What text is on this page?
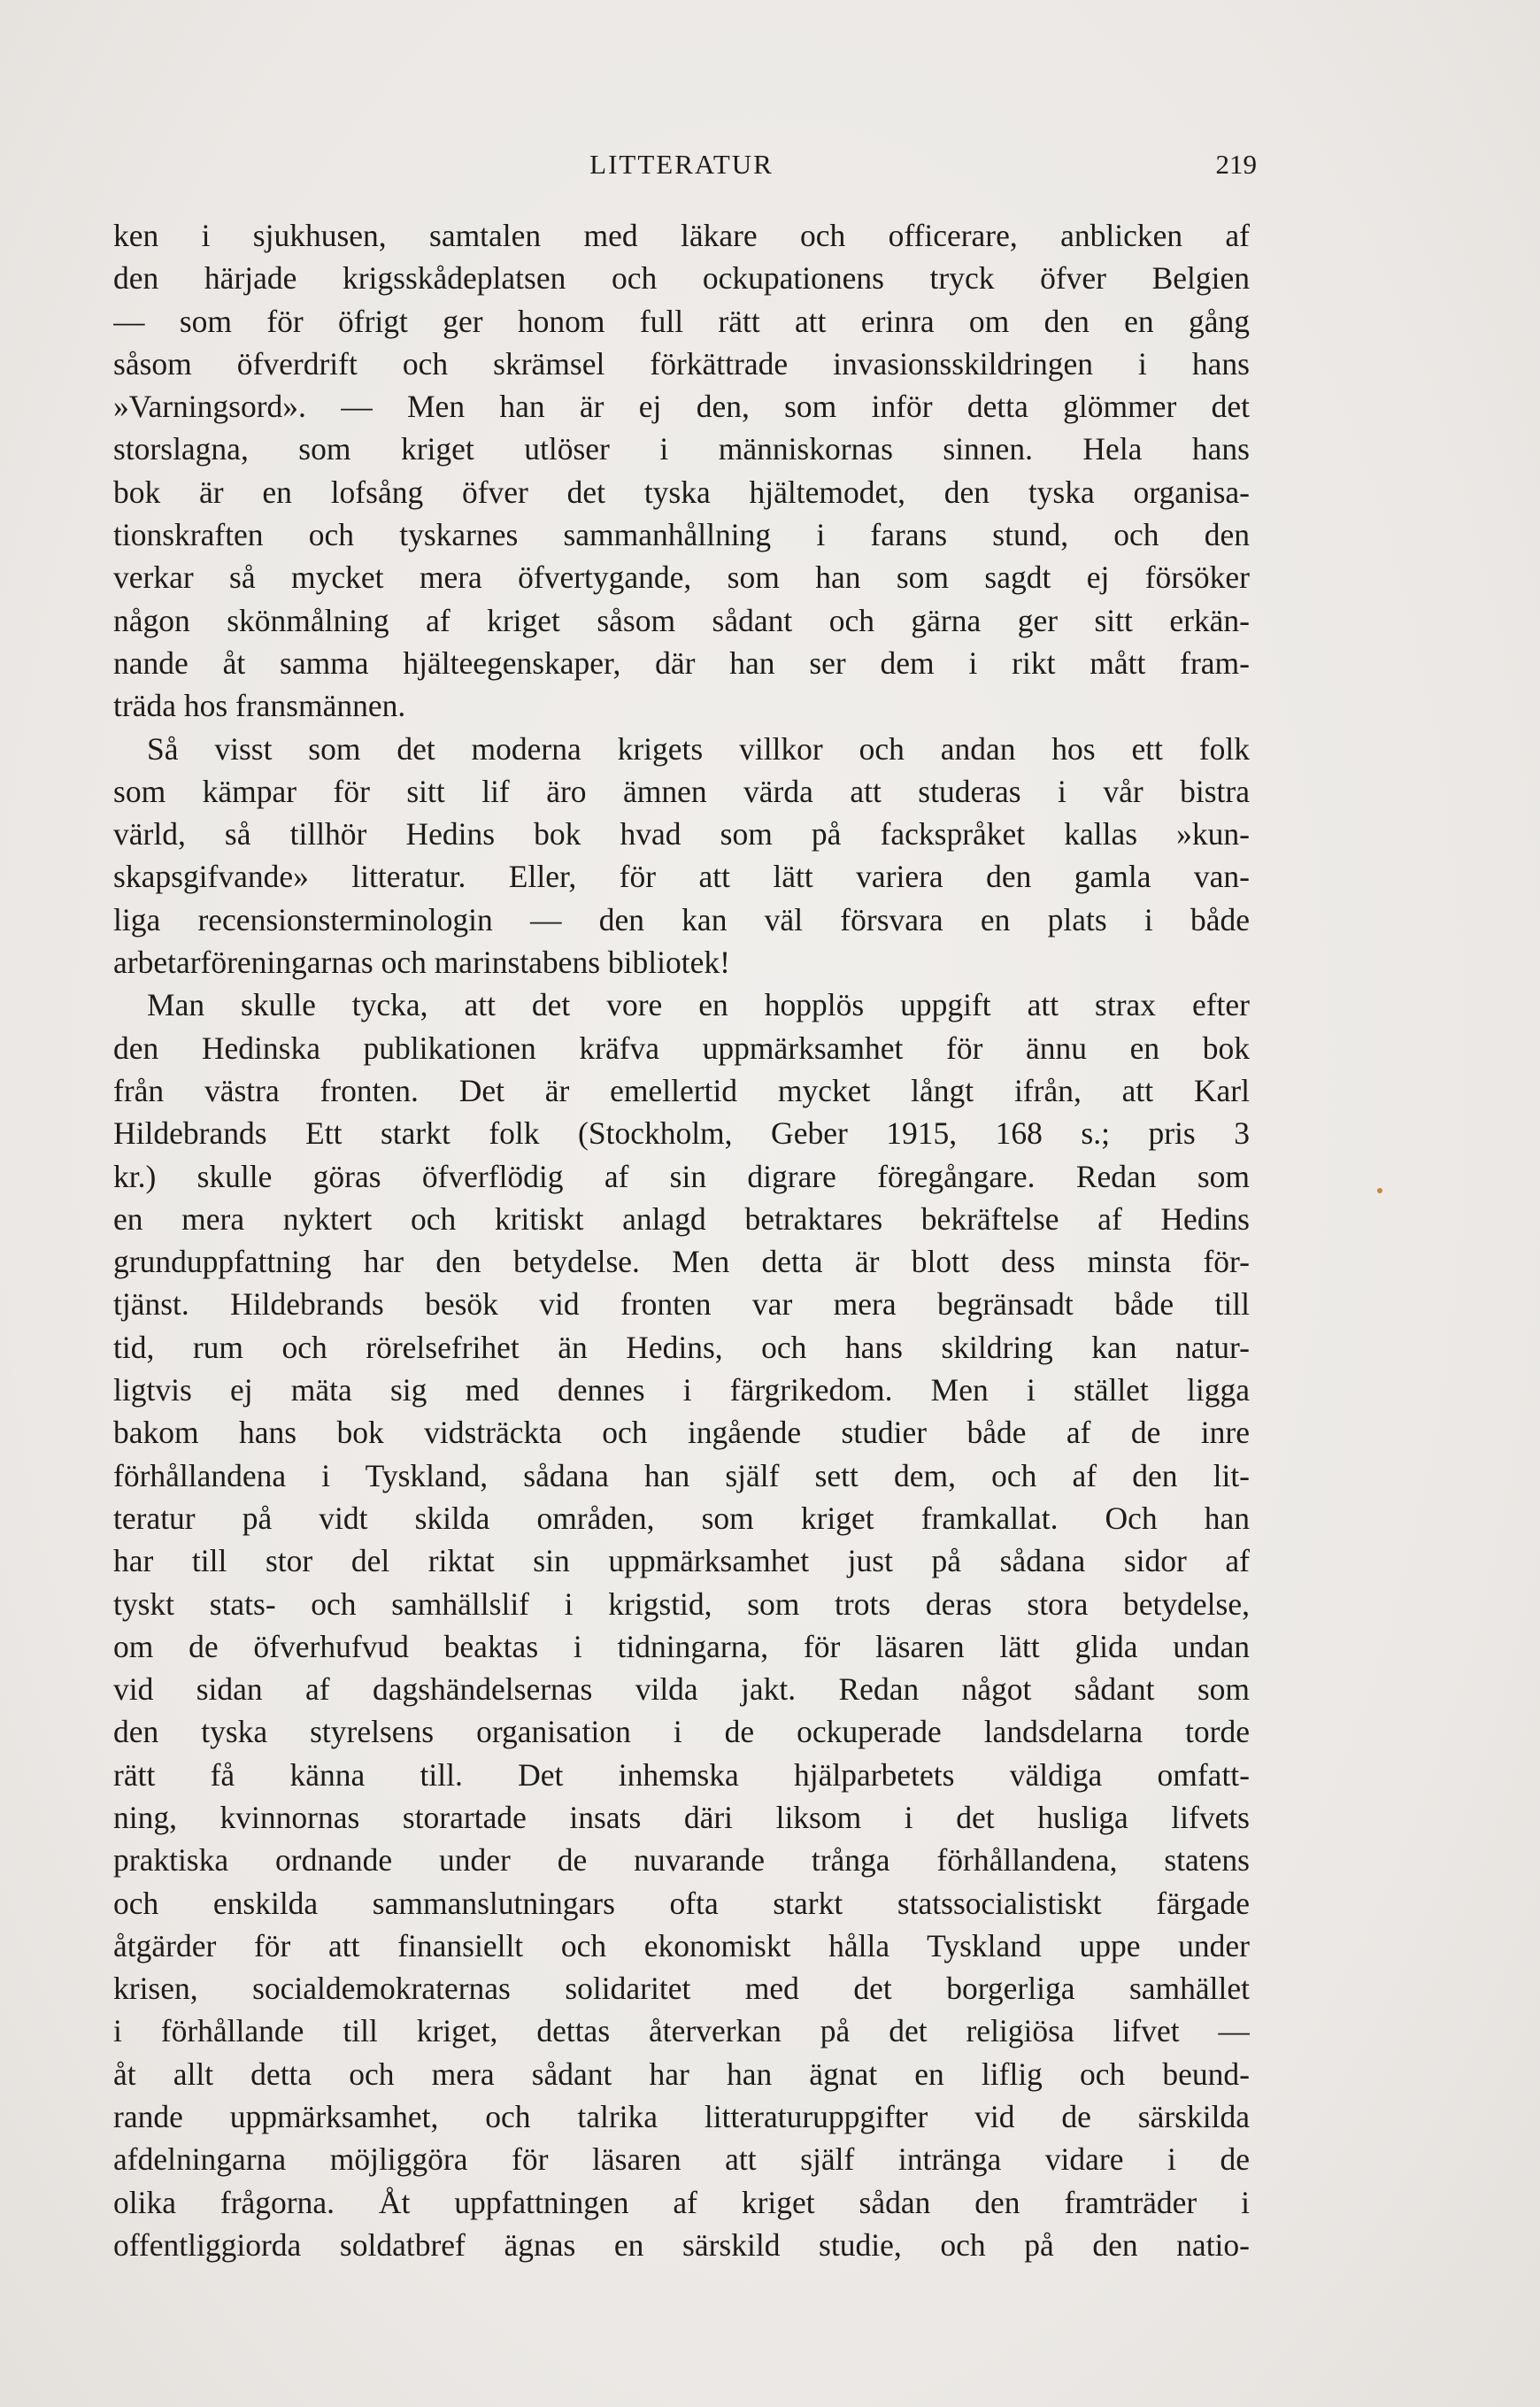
LITTERATUR	219
ken i sjukhusen, samtalen med läkare och officerare, anblicken af
den härjade krigsskådeplatsen och ockupationens tryck öfver Belgien
— som för öfrigt ger honom full rätt att erinra om den en gång
såsom öfverdrift och skrämsel förkättrade invasionsskildringen i hans
»Varningsord». — Men han är ej den, som inför detta glömmer det
storslagna, som kriget utlöser i människornas sinnen. Hela hans
bok är en lofsång öfver det tyska hjältemodet, den tyska organisa-
tionskraften och tyskarnes sammanhållning i farans stund, och den
verkar så mycket mera öfvertygande, som han som sagdt ej försöker
någon skönmålning af kriget såsom sådant och gärna ger sitt erkän-
nande åt samma hjälteegenskaper, där han ser dem i rikt mått fram-
träda hos fransmännen.
Så visst som det moderna krigets villkor och andan hos ett folk
som kämpar för sitt lif äro ämnen värda att studeras i vår bistra
värld, så tillhör Hedins bok hvad som på fackspråket kallas »kun-
skapsgifvande» litteratur. Eller, för att lätt variera den gamla van-
liga recensionsterminologin — den kan väl försvara en plats i både
arbetarföreningarnas och marinstabens bibliotek!
Man skulle tycka, att det vore en hopplös uppgift att strax efter
den Hedinska publikationen kräfva uppmärksamhet för ännu en bok
från västra fronten. Det är emellertid mycket långt ifrån, att Karl
Hildebrands Ett starkt folk (Stockholm, Geber 1915, 168 s.; pris 3
kr.) skulle göras öfverflödig af sin digrare föregångare. Redan som
en mera nyktert och kritiskt anlagd betraktares bekräftelse af Hedins
grunduppfattning har den betydelse. Men detta är blott dess minsta för-
tjänst. Hildebrands besök vid fronten var mera begränsadt både till
tid, rum och rörelsefrihet än Hedins, och hans skildring kan natur-
ligtvis ej mäta sig med dennes i färgrikedom. Men i stället ligga
bakom hans bok vidsträckta och ingående studier både af de inre
förhållandena i Tyskland, sådana han själf sett dem, och af den lit-
teratur på vidt skilda områden, som kriget framkallat. Och han
har till stor del riktat sin uppmärksamhet just på sådana sidor af
tyskt stats- och samhällslif i krigstid, som trots deras stora betydelse,
om de öfverhufvud beaktas i tidningarna, för läsaren lätt glida undan
vid sidan af dagshändelsernas vilda jakt. Redan något sådant som
den tyska styrelsens organisation i de ockuperade landsdelarna torde
rätt få känna till. Det inhemska hjälparbetets väldiga omfatt-
ning, kvinnornas storartade insats däri liksom i det husliga lifvets
praktiska ordnande under de nuvarande trånga förhållandena, statens
och enskilda sammanslutningars ofta starkt statssocialistiskt färgade
åtgärder för att finansiellt och ekonomiskt hålla Tyskland uppe under
krisen, socialdemokraternas solidaritet med det borgerliga samhället
i förhållande till kriget, dettas återverkan på det religiösa lifvet —
åt allt detta och mera sådant har han ägnat en liflig och beund-
rande uppmärksamhet, och talrika litteraturuppgifter vid de särskilda
afdelningarna möjliggöra för läsaren att själf intränga vidare i de
olika frågorna. Åt uppfattningen af kriget sådan den framträder i
offentliggiorda soldatbref ägnas en särskild studie, och på den natio-
